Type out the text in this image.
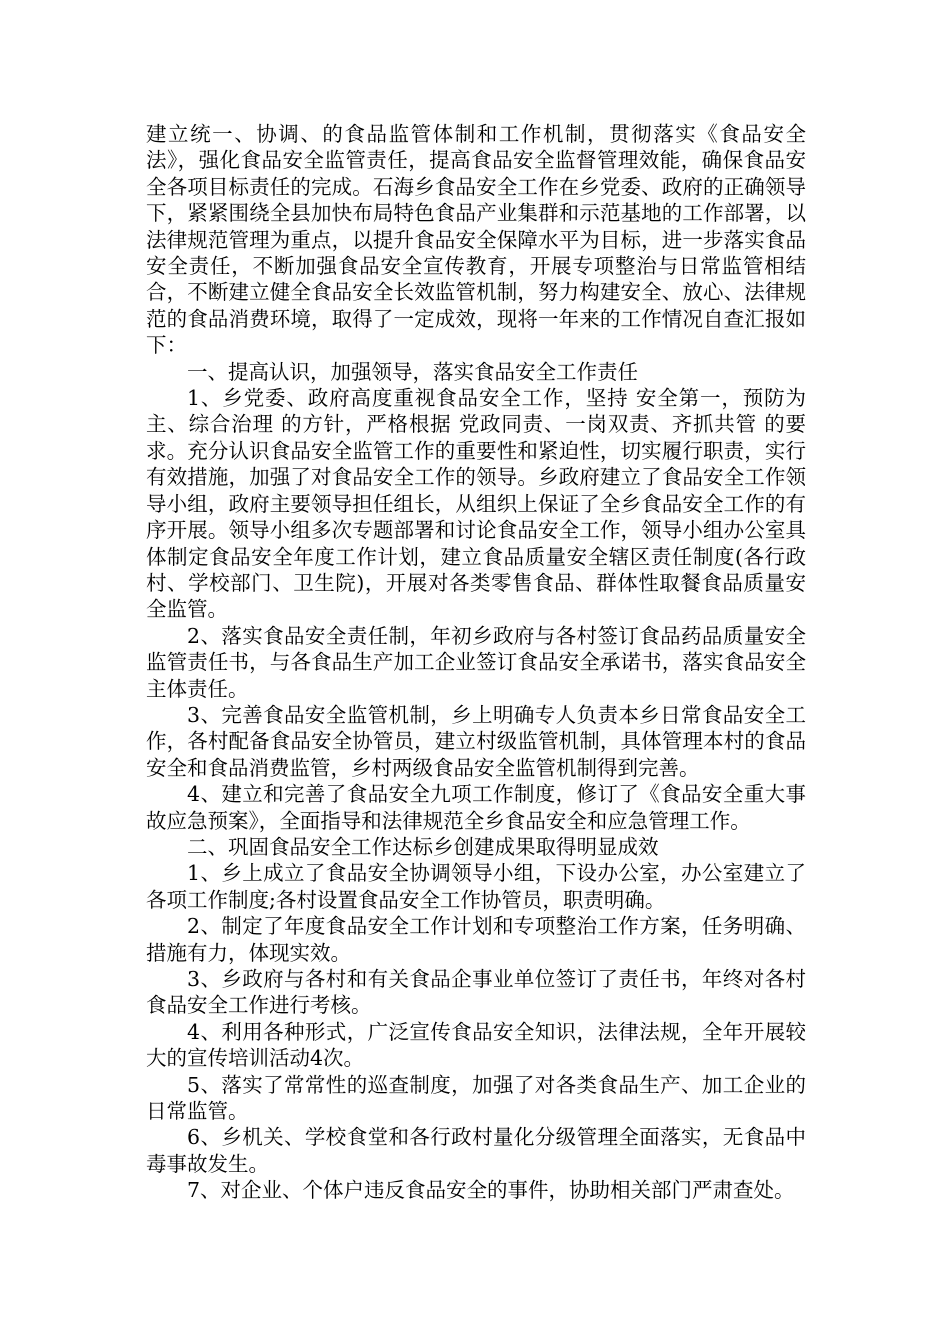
建立统一、协调、的食品监管体制和工作机制，贯彻落实《食品安全法》，强化食品安全监管责任，提高食品安全监督管理效能，确保食品安全各项目标责任的完成。石海乡食品安全工作在乡党委、政府的正确领导下，紧紧围绕全县加快布局特色食品产业集群和示范基地的工作部署，以法律规范管理为重点，以提升食品安全保障水平为目标，进一步落实食品安全责任，不断加强食品安全宣传教育，开展专项整治与日常监管相结合，不断建立健全食品安全长效监管机制，努力构建安全、放心、法律规范的食品消费环境，取得了一定成效，现将一年来的工作情况自查汇报如下：

一、提高认识，加强领导，落实食品安全工作责任

1、乡党委、政府高度重视食品安全工作，坚持 安全第一，预防为主、综合治理 的方针，严格根据 党政同责、一岗双责、齐抓共管 的要求。充分认识食品安全监管工作的重要性和紧迫性，切实履行职责，实行有效措施，加强了对食品安全工作的领导。乡政府建立了食品安全工作领导小组，政府主要领导担任组长，从组织上保证了全乡食品安全工作的有序开展。领导小组多次专题部署和讨论食品安全工作，领导小组办公室具体制定食品安全年度工作计划，建立食品质量安全辖区责任制度(各行政村、学校部门、卫生院)，开展对各类零售食品、群体性取餐食品质量安全监管。

2、落实食品安全责任制，年初乡政府与各村签订食品药品质量安全监管责任书，与各食品生产加工企业签订食品安全承诺书，落实食品安全主体责任。

3、完善食品安全监管机制，乡上明确专人负责本乡日常食品安全工作，各村配备食品安全协管员，建立村级监管机制，具体管理本村的食品安全和食品消费监管，乡村两级食品安全监管机制得到完善。

4、建立和完善了食品安全九项工作制度，修订了《食品安全重大事故应急预案》，全面指导和法律规范全乡食品安全和应急管理工作。

二、巩固食品安全工作达标乡创建成果取得明显成效

1、乡上成立了食品安全协调领导小组，下设办公室，办公室建立了各项工作制度;各村设置食品安全工作协管员，职责明确。

2、制定了年度食品安全工作计划和专项整治工作方案，任务明确、措施有力，体现实效。

3、乡政府与各村和有关食品企事业单位签订了责任书，年终对各村食品安全工作进行考核。

4、利用各种形式，广泛宣传食品安全知识，法律法规，全年开展较大的宣传培训活动4次。

5、落实了常常性的巡查制度，加强了对各类食品生产、加工企业的日常监管。

6、乡机关、学校食堂和各行政村量化分级管理全面落实，无食品中毒事故发生。

7、对企业、个体户违反食品安全的事件，协助相关部门严肃查处。
